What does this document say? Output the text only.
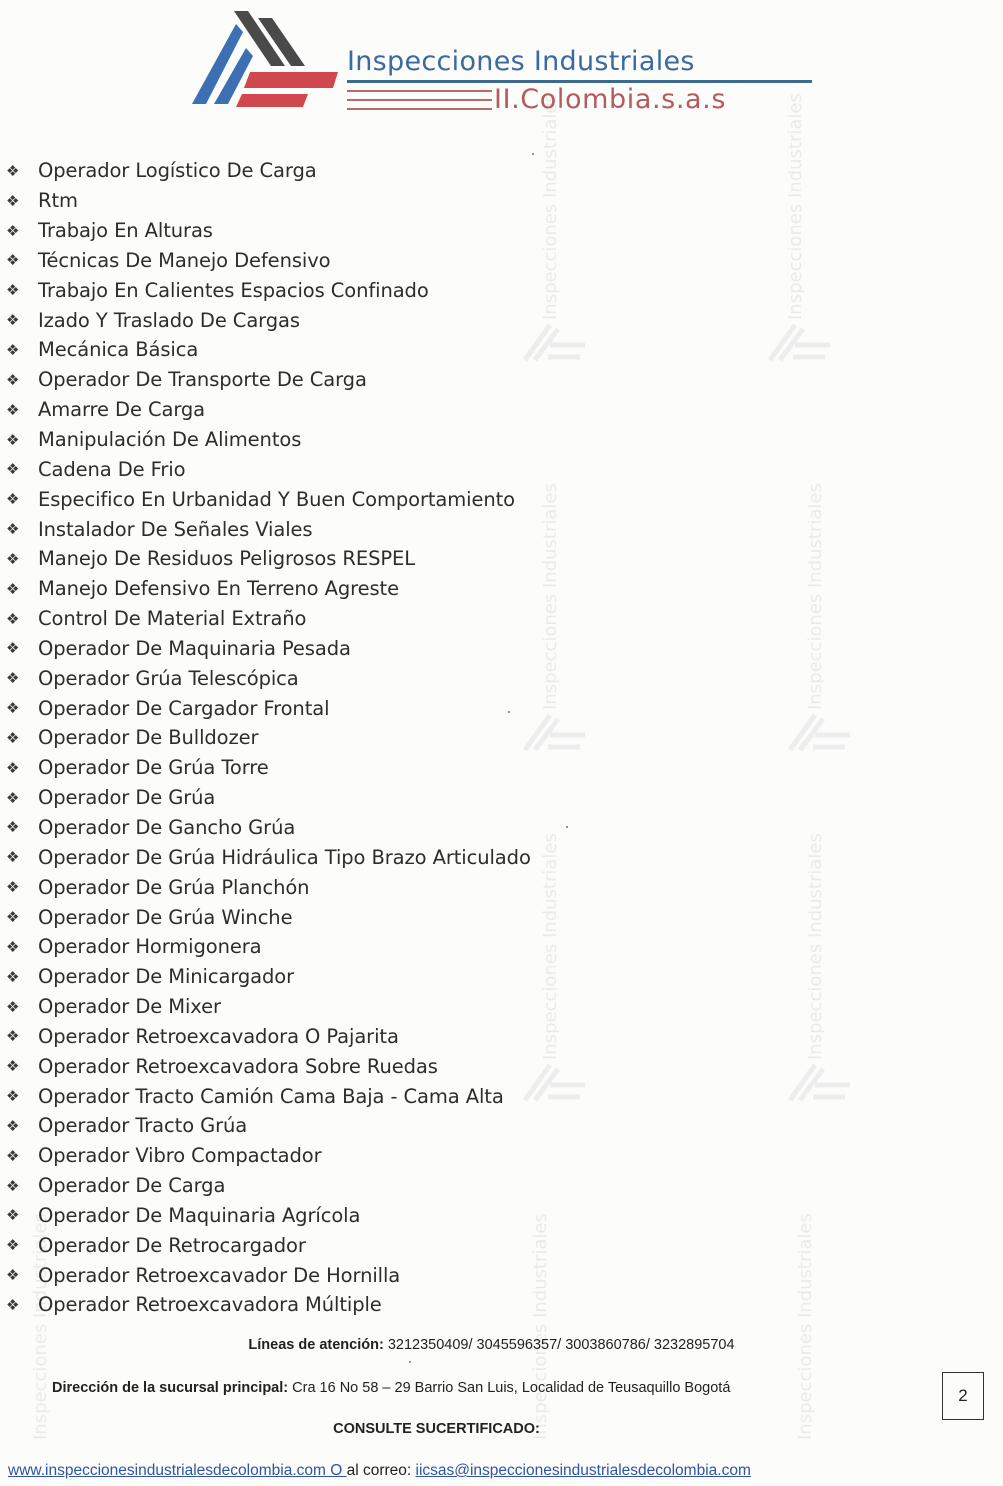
Inspecciones Industriales	Inspecciones Industriales
Inspecciones Industriales	Inspecciones Industriales
Inspecciones Industriales	Inspecciones Industriales
Inspecciones Industriales	Inspecciones Industriales
Inspecciones Industriales
Inspecciones Industriales
II.Colombia.s.a.s
❖ Operador Logístico De Carga
❖ Rtm
❖ Trabajo En Alturas
❖ Técnicas De Manejo Defensivo
❖ Trabajo En Calientes Espacios Confinado
❖ Izado Y Traslado De Cargas
❖ Mecánica Básica
❖ Operador De Transporte De Carga
❖ Amarre De Carga
❖ Manipulación De Alimentos
❖ Cadena De Frio
❖ Especifico En Urbanidad Y Buen Comportamiento
❖ Instalador De Señales Viales
❖ Manejo De Residuos Peligrosos RESPEL
❖ Manejo Defensivo En Terreno Agreste
❖ Control De Material Extraño
❖ Operador De Maquinaria Pesada
❖ Operador Grúa Telescópica
❖ Operador De Cargador Frontal
❖ Operador De Bulldozer
❖ Operador De Grúa Torre
❖ Operador De Grúa
❖ Operador De Gancho Grúa
❖ Operador De Grúa Hidráulica Tipo Brazo Articulado
❖ Operador De Grúa Planchón
❖ Operador De Grúa Winche
❖ Operador Hormigonera
❖ Operador De Minicargador
❖ Operador De Mixer
❖ Operador Retroexcavadora O Pajarita
❖ Operador Retroexcavadora Sobre Ruedas
❖ Operador Tracto Camión Cama Baja - Cama Alta
❖ Operador Tracto Grúa
❖ Operador Vibro Compactador
❖ Operador De Carga
❖ Operador De Maquinaria Agrícola
❖ Operador De Retrocargador
❖ Operador Retroexcavador De Hornilla
❖ Operador Retroexcavadora Múltiple
Líneas de atención: 3212350409/ 3045596357/ 3003860786/ 3232895704
Dirección de la sucursal principal: Cra 16 No 58 – 29 Barrio San Luis, Localidad de Teusaquillo Bogotá	2
CONSULTE SUCERTIFICADO:
www.inspeccionesindustrialesdecolombia.com O al correo: iicsas@inspeccionesindustrialesdecolombia.com
